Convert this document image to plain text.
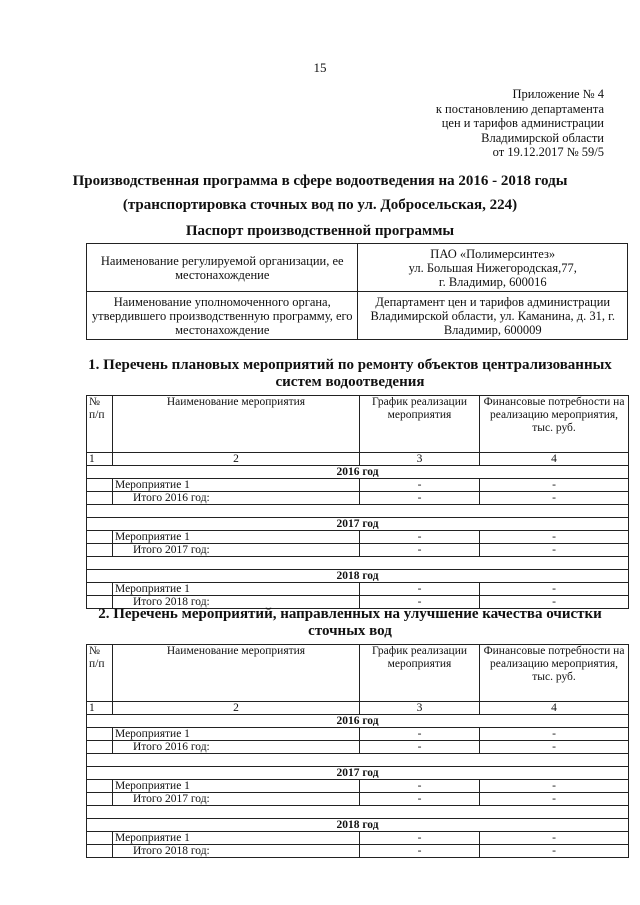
15
Приложение № 4
к постановлению департамента
цен и тарифов администрации
Владимирской области
от 19.12.2017 № 59/5
Производственная программа в сфере водоотведения на 2016 - 2018 годы
(транспортировка сточных вод по ул. Добросельская, 224)
Паспорт производственной программы
Наименование регулируемой организации, ее местонахождение	ПАО «Полимерсинтез»
ул. Большая Нижегородская,77,
г. Владимир, 600016

Наименование уполномоченного органа, утвердившего производственную программу, его местонахождение	Департамент цен и тарифов администрации Владимирской области, ул. Каманина, д. 31, г. Владимир, 600009
1. Перечень плановых мероприятий по ремонту объектов централизованных систем водоотведения
№ п/п	Наименование мероприятия	График реализации мероприятия	Финансовые потребности на реализацию мероприятия, тыс. руб.
1	2	3	4
2016 год			
	Мероприятие 1	-	-
	Итого 2016 год:	-	-

2017 год			
	Мероприятие 1	-	-
	Итого 2017 год:	-	-

2018 год			
	Мероприятие 1	-	-
	Итого 2018 год:	-	-
2. Перечень мероприятий, направленных на улучшение качества очистки сточных вод
№ п/п	Наименование мероприятия	График реализации мероприятия	Финансовые потребности на реализацию мероприятия, тыс. руб.
1	2	3	4
2016 год			
	Мероприятие 1	-	-
	Итого 2016 год:	-	-

2017 год			
	Мероприятие 1	-	-
	Итого 2017 год:	-	-

2018 год			
	Мероприятие 1	-	-
	Итого 2018 год:	-	-
